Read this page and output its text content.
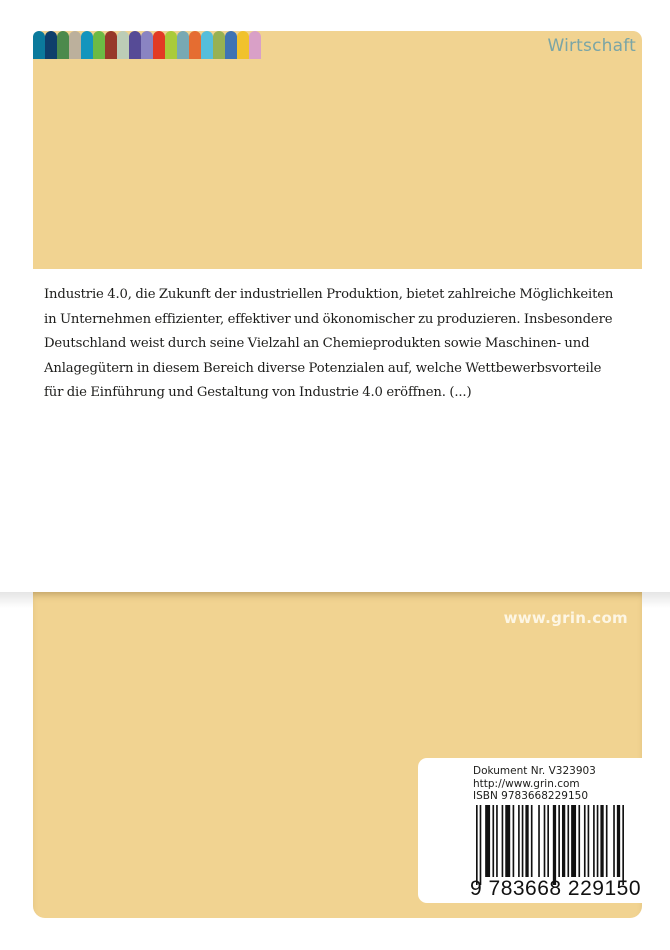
Wirtschaft
Industrie 4.0, die Zukunft der industriellen Produktion, bietet zahlreiche Möglichkeiten
in Unternehmen effizienter, effektiver und ökonomischer zu produzieren. Insbesondere
Deutschland weist durch seine Vielzahl an Chemieprodukten sowie Maschinen- und
Anlagegütern in diesem Bereich diverse Potenzialen auf, welche Wettbewerbsvorteile
für die Einführung und Gestaltung von Industrie 4.0 eröffnen. (...)
www.grin.com
Dokument Nr. V323903
http://www.grin.com
ISBN 9783668229150
9 783668 229150
